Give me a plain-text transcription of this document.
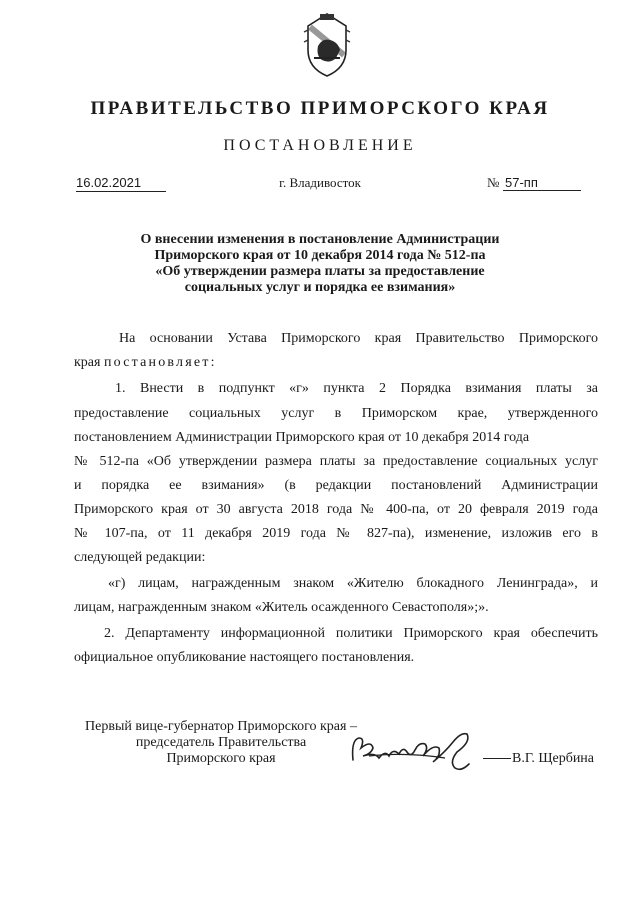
ПРАВИТЕЛЬСТВО ПРИМОРСКОГО КРАЯ
ПОСТАНОВЛЕНИЕ
16.02.2021	г. Владивосток	№ 57-пп
О внесении изменения в постановление Администрации
Приморского края от 10 декабря 2014 года № 512-па
«Об утверждении размера платы за предоставление
социальных услуг и порядка ее взимания»
На основании Устава Приморского края Правительство Приморского
края постановляет:
1. Внести в подпункт «г» пункта 2 Порядка взимания платы за
предоставление социальных услуг в Приморском крае, утвержденного
постановлением Администрации Приморского края от 10 декабря 2014 года
№ 512-па «Об утверждении размера платы за предоставление социальных услуг
и порядка ее взимания» (в редакции постановлений Администрации
Приморского края от 30 августа 2018 года № 400-па, от 20 февраля 2019 года
№ 107-па, от 11 декабря 2019 года № 827-па), изменение, изложив его в
следующей редакции:
«г) лицам, награжденным знаком «Жителю блокадного Ленинграда», и
лицам, награжденным знаком «Житель осажденного Севастополя»;».
2. Департаменту информационной политики Приморского края обеспечить
официальное опубликование настоящего постановления.
Первый вице-губернатор Приморского края –
председатель Правительства
Приморского края	В.Г. Щербина
